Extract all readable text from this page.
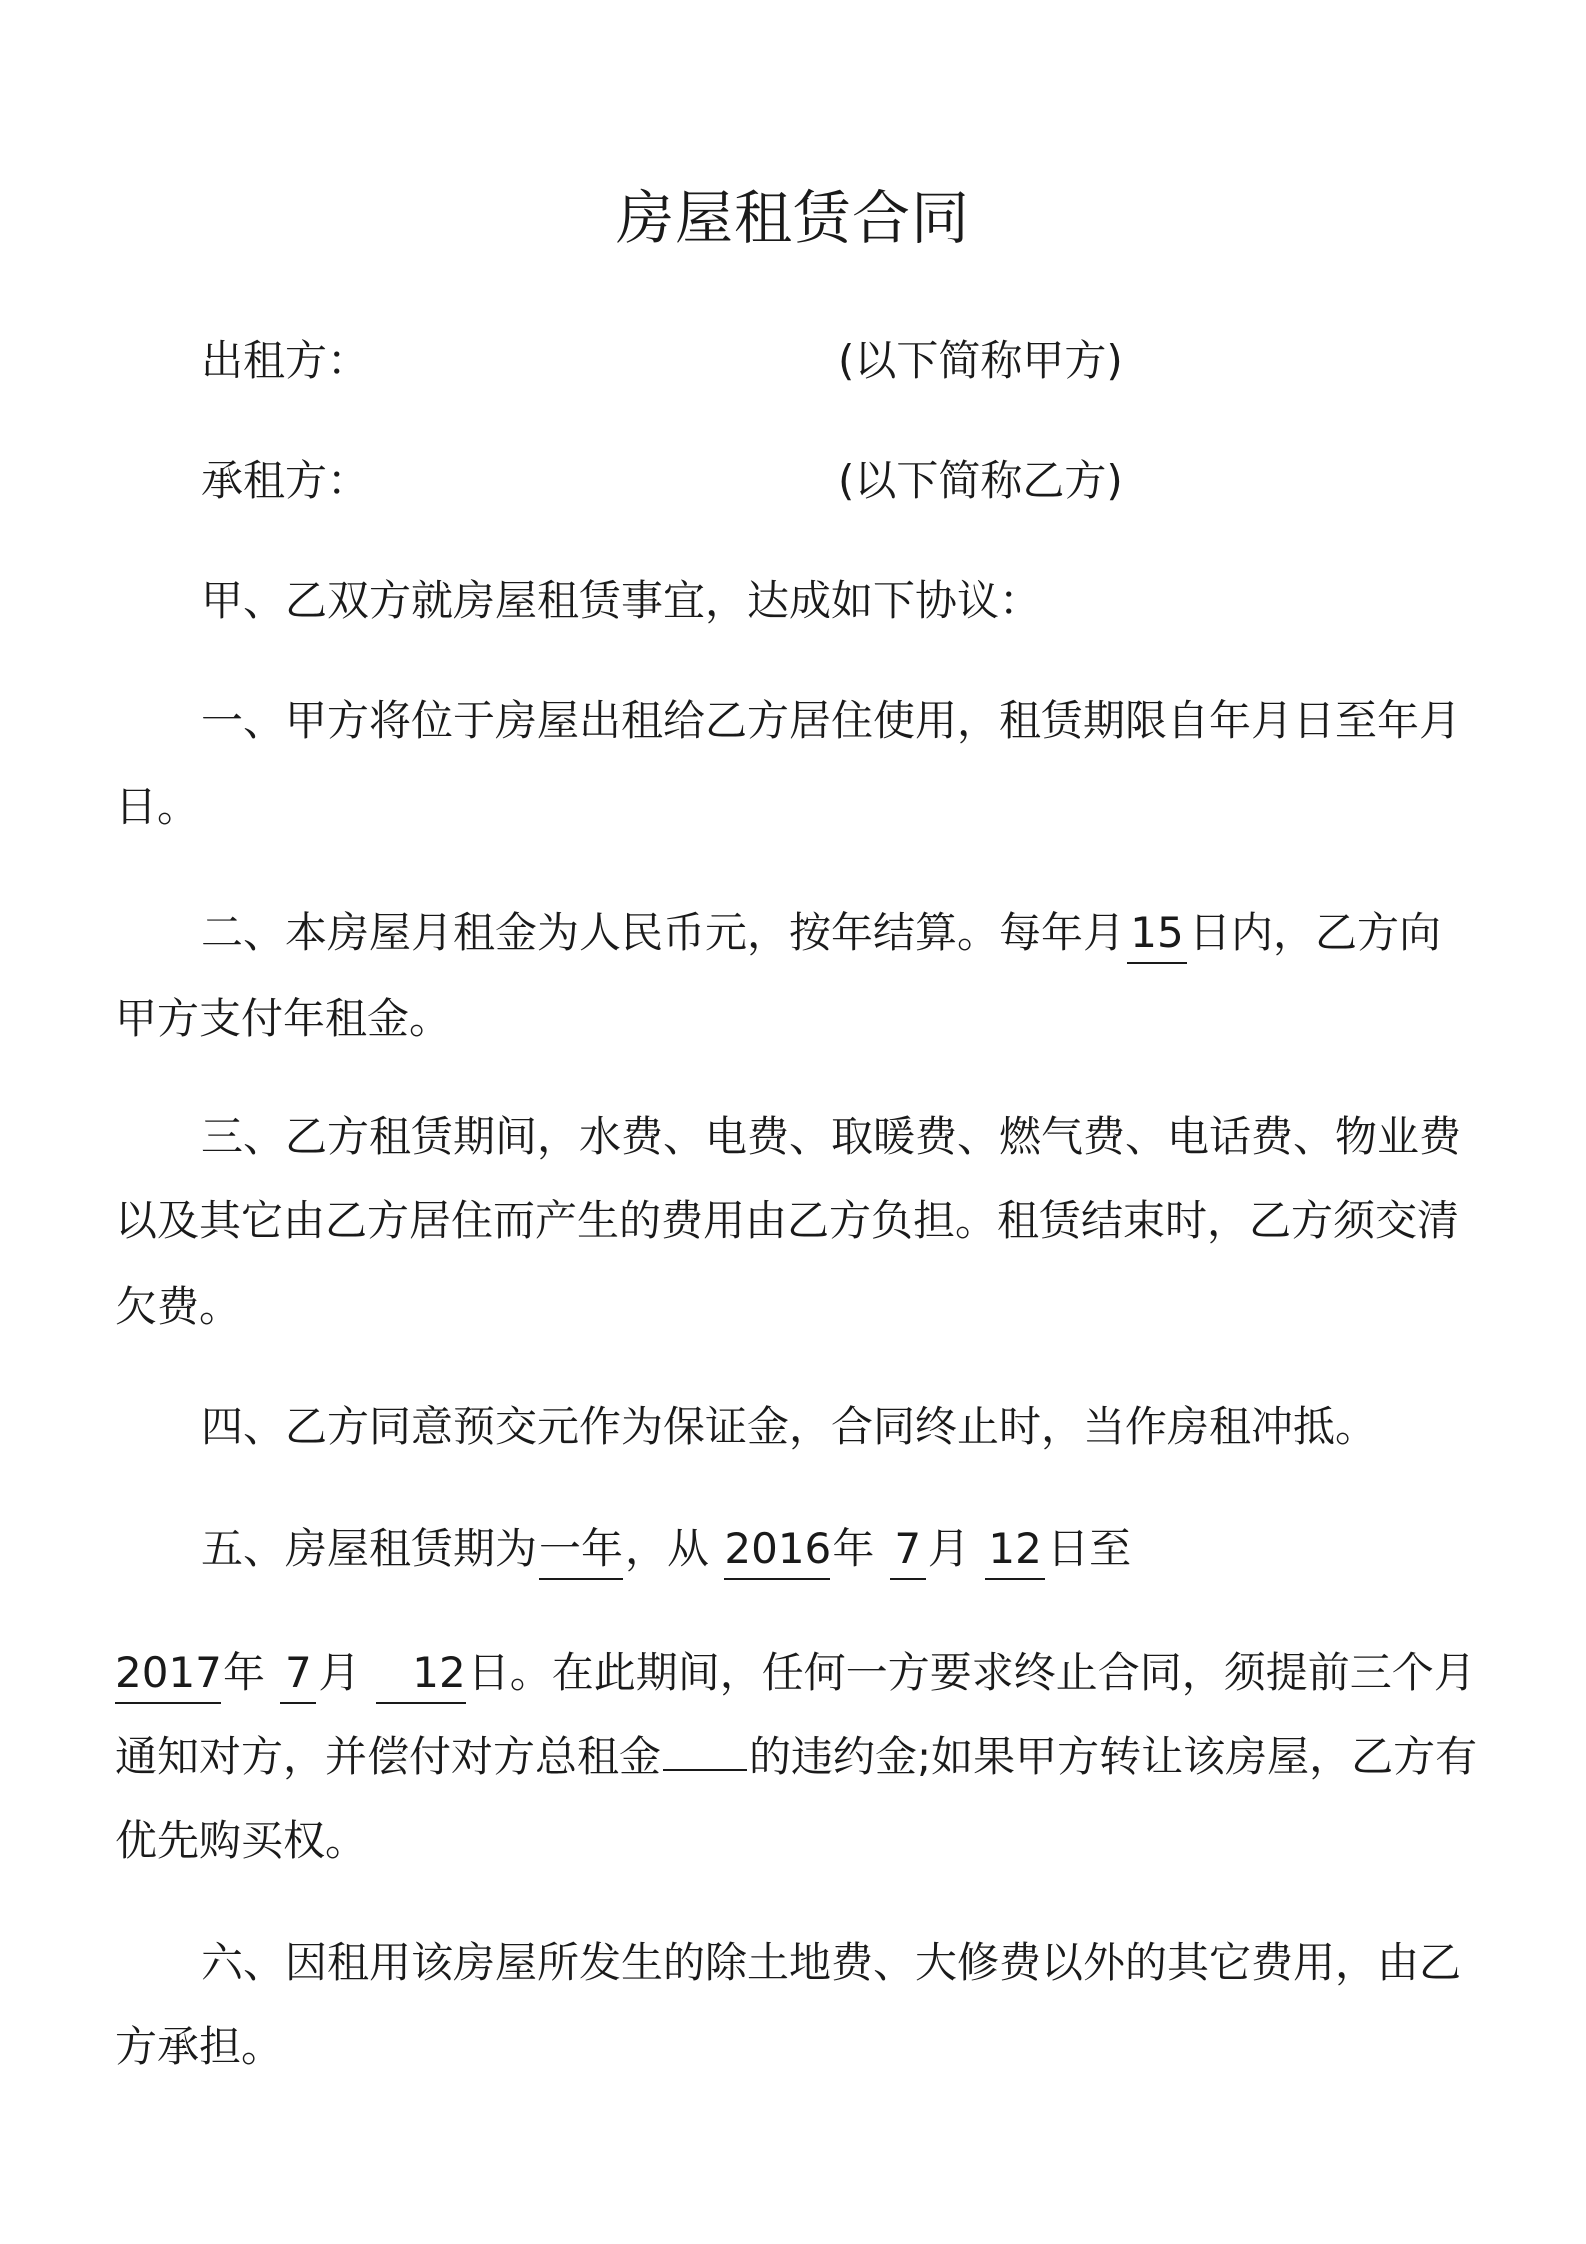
房屋租赁合同
出租方：	(以下简称甲方)
承租方：	(以下简称乙方)
甲、乙双方就房屋租赁事宜，达成如下协议：
一、甲方将位于房屋出租给乙方居住使用，租赁期限自年月日至年月
日。
二、本房屋月租金为人民币元，按年结算。每年月 15 日内，乙方向
甲方支付年租金。
三、乙方租赁期间，水费、电费、取暖费、燃气费、电话费、物业费
以及其它由乙方居住而产生的费用由乙方负担。租赁结束时，乙方须交清
欠费。
四、乙方同意预交元作为保证金，合同终止时，当作房租冲抵。
五、房屋租赁期为一年，从 2016年 7 月 12 日至
2017年 7 月 12日。在此期间，任何一方要求终止合同，须提前三个月
通知对方，并偿付对方总租金 的违约金;如果甲方转让该房屋，乙方有
优先购买权。
六、因租用该房屋所发生的除土地费、大修费以外的其它费用，由乙
方承担。
